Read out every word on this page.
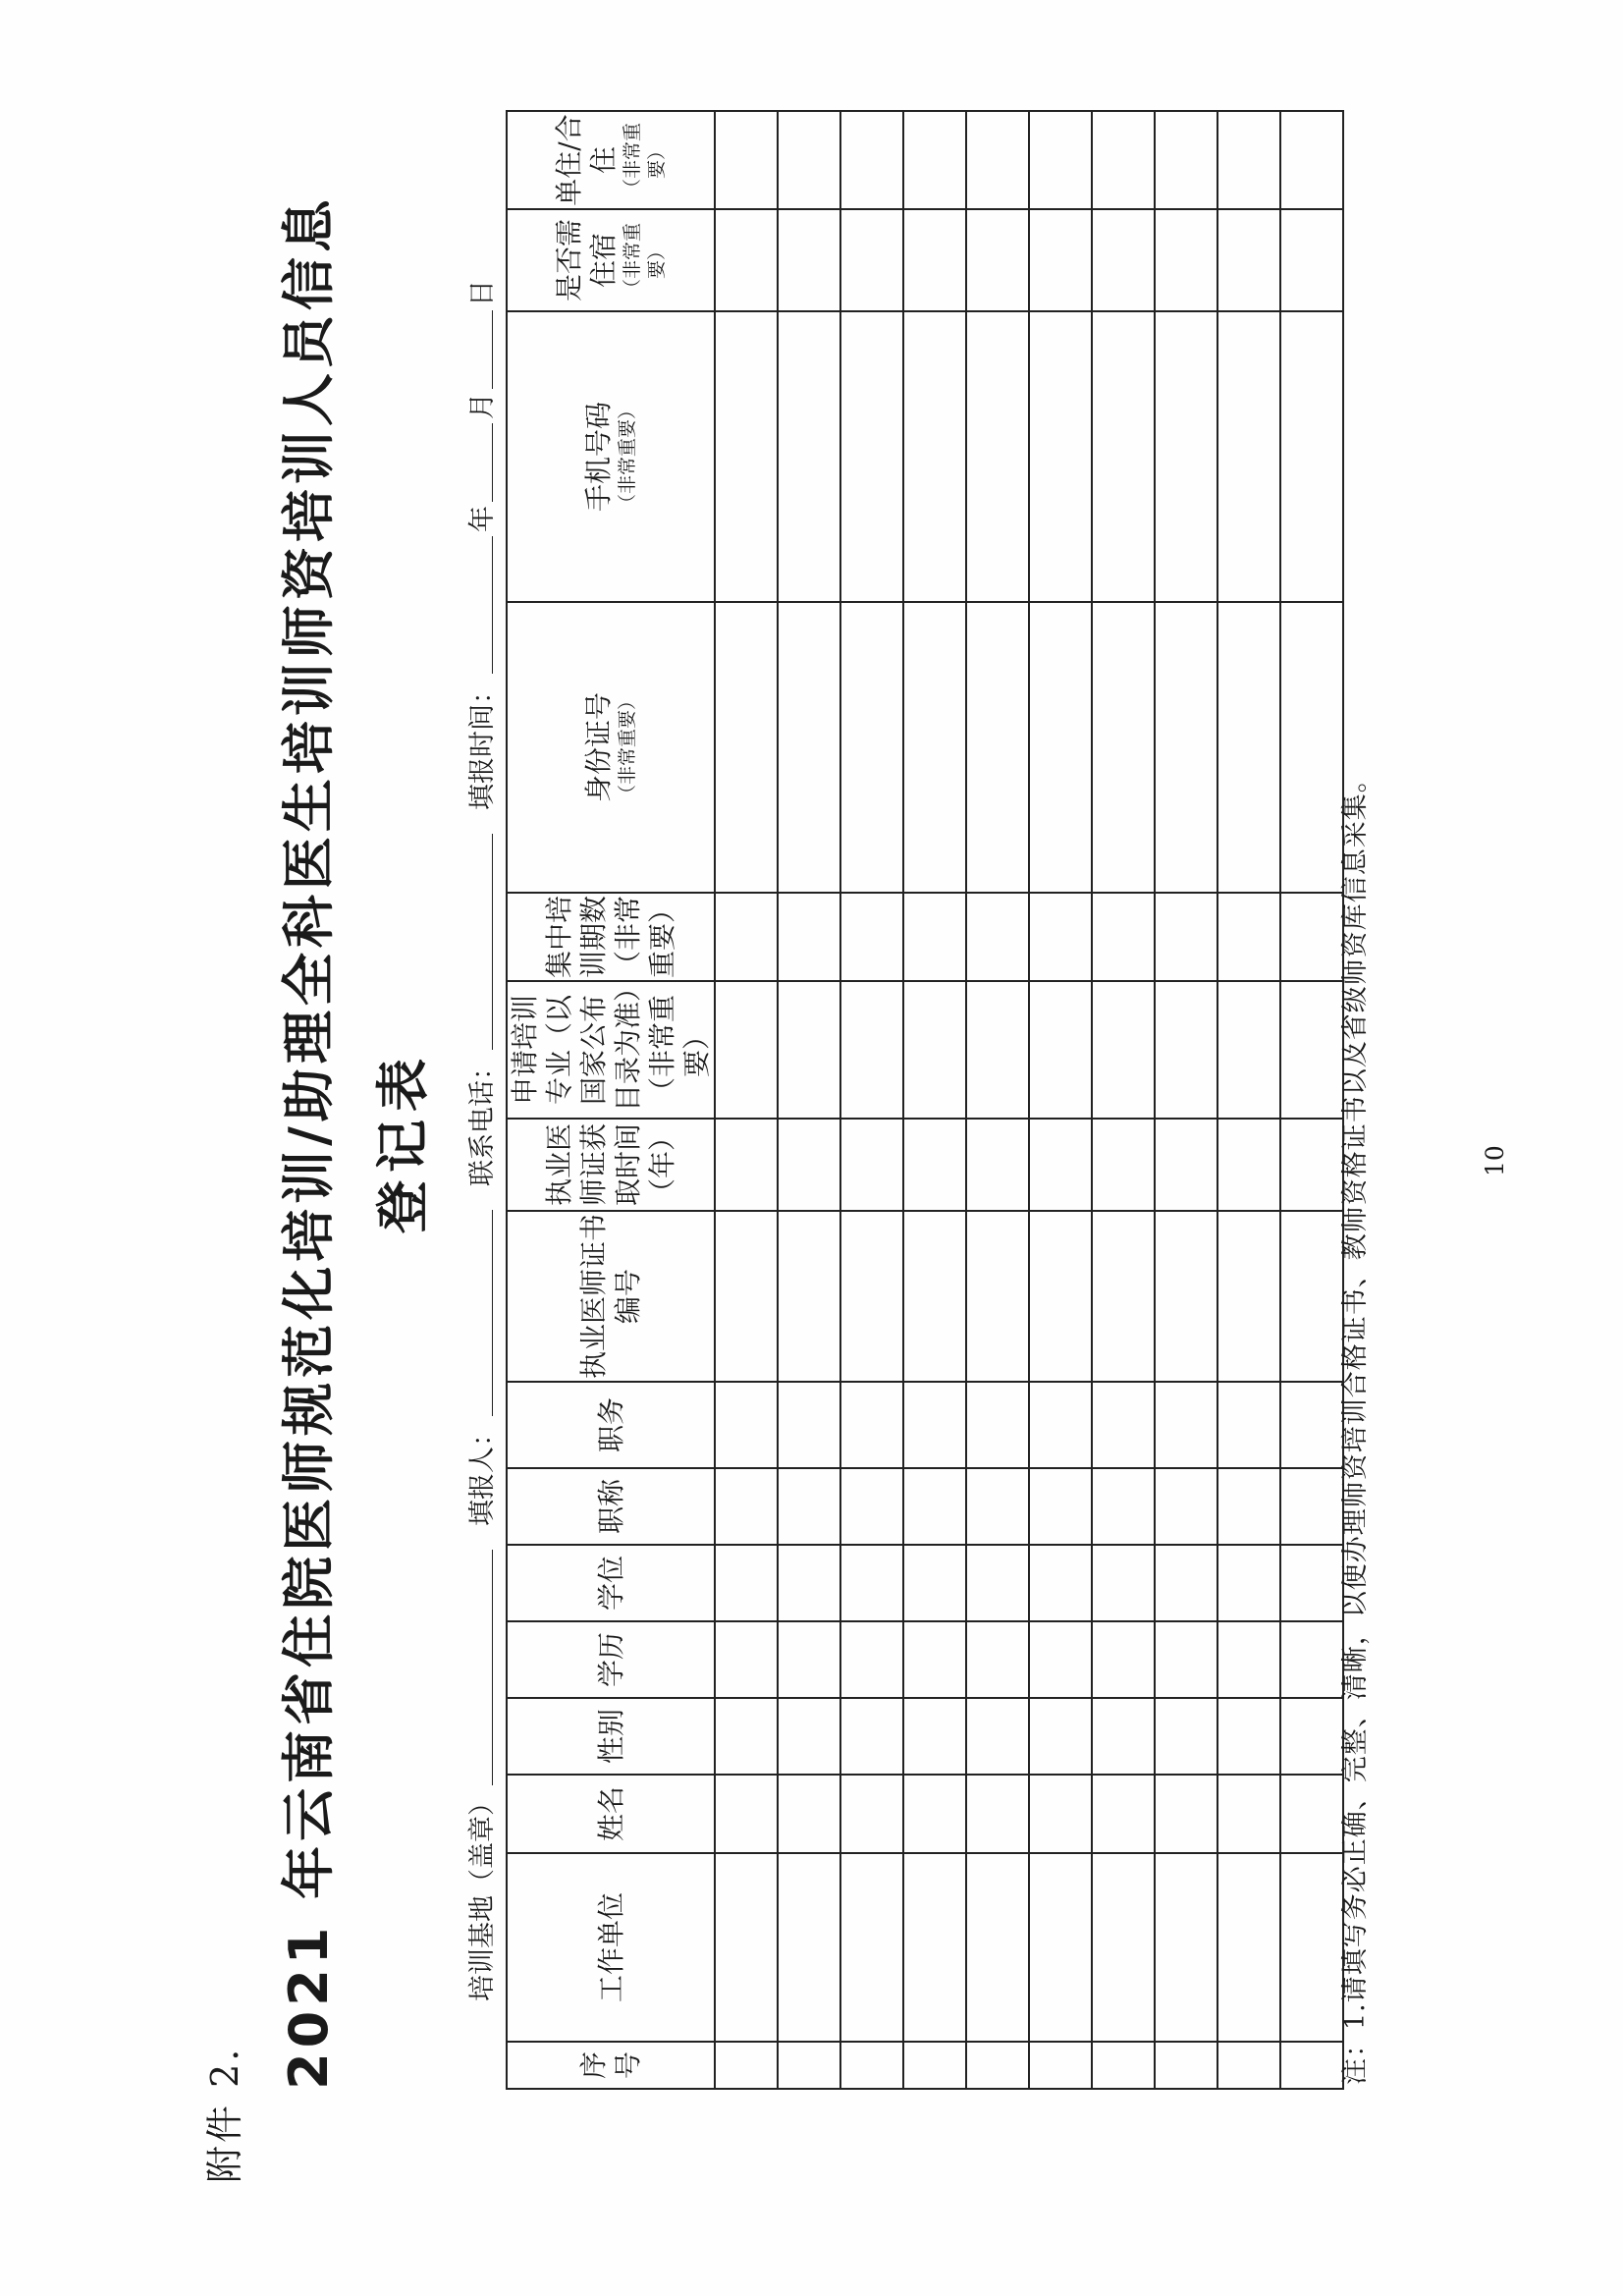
附件 2.
2021 年云南省住院医师规范化培训/助理全科医生培训师资培训人员信息 登记表
培训基地（盖章）
填报人：
联系电话：
填报时间：
年
月
日
序号	工作单位	姓名	性别	学历	学位	职称	职务	执业医师证书编号	执业医师证获取时间（年）	申请培训专业（以国家公布目录为准）（非常重要）	集中培训期数（非常重要）	身份证号 （非常重要）	手机号码 （非常重要）	是否需住宿 （非常重要）	单住/合住 （非常重要）

注：1.请填写务必正确、完整、清晰，以便办理师资培训合格证书、教师资格证书以及省级师资库信息采集。	10
